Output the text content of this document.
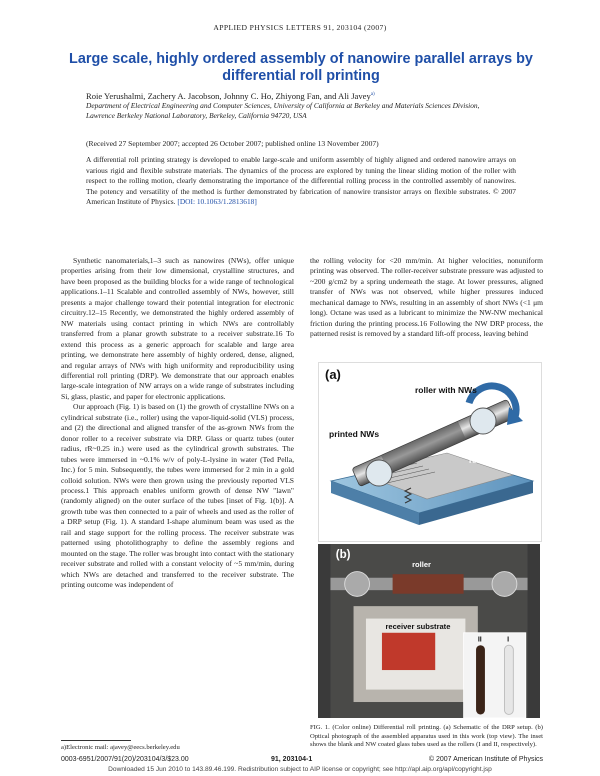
APPLIED PHYSICS LETTERS 91, 203104 (2007)
Large scale, highly ordered assembly of nanowire parallel arrays by differential roll printing
Roie Yerushalmi, Zachery A. Jacobson, Johnny C. Ho, Zhiyong Fan, and Ali Javey$^{a)}$
Department of Electrical Engineering and Computer Sciences, University of California at Berkeley and Materials Sciences Division, Lawrence Berkeley National Laboratory, Berkeley, California 94720, USA
(Received 27 September 2007; accepted 26 October 2007; published online 13 November 2007)
A differential roll printing strategy is developed to enable large-scale and uniform assembly of highly aligned and ordered nanowire arrays on various rigid and flexible substrate materials. The dynamics of the process are explored by tuning the linear sliding motion of the roller with respect to the rolling motion, clearly demonstrating the importance of the differential rolling process in the controlled assembly of nanowires. The potency and versatility of the method is further demonstrated by fabrication of nanowire transistor arrays on flexible substrates. © 2007 American Institute of Physics. [DOI: 10.1063/1.2813618]

Synthetic nanomaterials,1–3 such as nanowires (NWs), offer unique properties arising from their low dimensional, crystalline structures, and have been proposed as the building blocks for a wide range of technological applications.1–11 Scalable and controlled assembly of NWs, however, still presents a major challenge toward their potential integration for electronic circuitry.12–15 Recently, we demonstrated the highly ordered assembly of NW materials using contact printing in which NWs are controllably transferred from a planar growth substrate to a receiver substrate.16 To extend this process as a generic approach for scalable and large area printing, we demonstrate here assembly of highly ordered, dense, aligned, and regular arrays of NWs with high uniformity and reproducibility using differential roll printing (DRP). We demonstrate that our approach enables large-scale integration of NW arrays on a wide range of substrates including Si, glass, plastic, and paper for electronic applications.

Our approach (Fig. 1) is based on (1) the growth of crystalline NWs on a cylindrical substrate (i.e., roller) using the vapor-liquid-solid (VLS) process, and (2) the directional and aligned transfer of the as-grown NWs from the donor roller to a receiver substrate via DRP. Glass or quartz tubes (outer radius, rR~0.25 in.) were used as the cylindrical growth substrates. The tubes were immersed in ~0.1% w/v of poly-L-lysine in water (Ted Pella, Inc.) for 5 min. Subsequently, the tubes were immersed for 2 min in a gold colloid solution. NWs were then grown using the previously reported VLS process.1 This approach enables uniform growth of dense NW "lawn" (randomly aligned) on the outer surface of the tubes [inset of Fig. 1(b)]. A growth tube was then connected to a pair of wheels and used as the roller of a DRP setup (Fig. 1). A standard I-shape aluminum beam was used as the rail and stage support for the rolling process. The receiver substrate was patterned using photolithography to define the assembly regions and mounted on the stage. The roller was brought into contact with the stationary receiver substrate and rolled with a constant velocity of ~5 mm/min, during which NWs are detached and transferred to the receiver substrate. The printing outcome was independent of

the rolling velocity for <20 mm/min. At higher velocities, nonuniform printing was observed. The roller-receiver substrate pressure was adjusted to ~200 g/cm2 by a spring underneath the stage. At lower pressures, aligned transfer of NWs was not observed, while higher pressures induced mechanical damage to NWs, resulting in an assembly of short NWs (<1 μm long). Octane was used as a lubricant to minimize the NW-NW mechanical friction during the printing process.16 Following the NW DRP process, the patterned resist is removed by a standard lift-off process, leaving behind

(a)
roller with NWs
printed NWs
receiver substrate
(b)
roller
receiver substrate
II	I
FIG. 1. (Color online) Differential roll printing. (a) Schematic of the DRP setup. (b) Optical photograph of the assembled apparatus used in this work (top view). The inset shows the blank and NW coated glass tubes used as the rollers (I and II, respectively).
a)Electronic mail: ajavey@eecs.berkeley.edu
0003-6951/2007/91(20)/203104/3/$23.00	91, 203104-1	© 2007 American Institute of Physics
Downloaded 15 Jun 2010 to 143.89.46.199. Redistribution subject to AIP license or copyright; see http://apl.aip.org/apl/copyright.jsp
